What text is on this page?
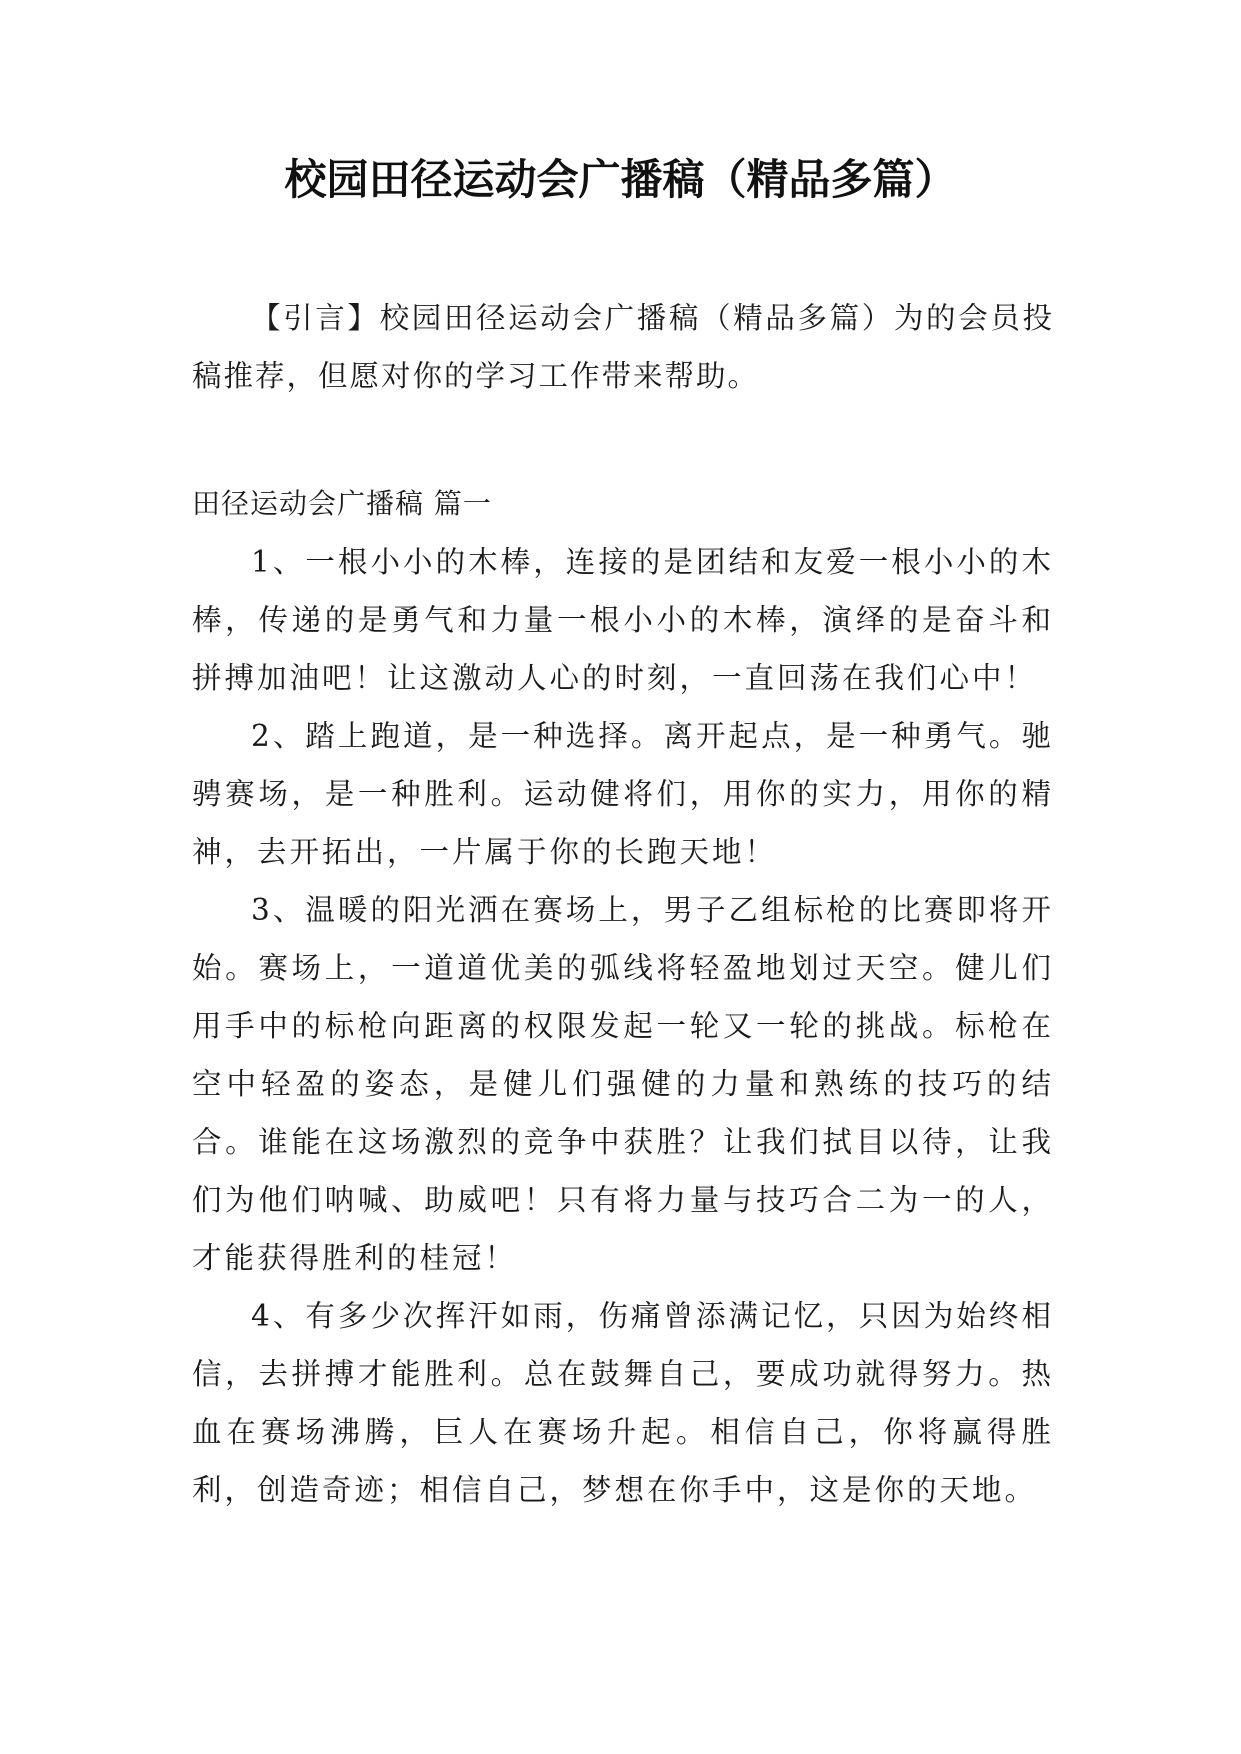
校园田径运动会广播稿（精品多篇）

【引言】校园田径运动会广播稿（精品多篇）为的会员投稿推荐，但愿对你的学习工作带来帮助。

田径运动会广播稿 篇一

1、一根小小的木棒，连接的是团结和友爱一根小小的木棒，传递的是勇气和力量一根小小的木棒，演绎的是奋斗和拼搏加油吧！让这激动人心的时刻，一直回荡在我们心中！

2、踏上跑道，是一种选择。离开起点，是一种勇气。驰骋赛场，是一种胜利。运动健将们，用你的实力，用你的精神，去开拓出，一片属于你的长跑天地！

3、温暖的阳光洒在赛场上，男子乙组标枪的比赛即将开始。赛场上，一道道优美的弧线将轻盈地划过天空。健儿们用手中的标枪向距离的权限发起一轮又一轮的挑战。标枪在空中轻盈的姿态，是健儿们强健的力量和熟练的技巧的结合。谁能在这场激烈的竞争中获胜？让我们拭目以待，让我们为他们呐喊、助威吧！只有将力量与技巧合二为一的人，才能获得胜利的桂冠！

4、有多少次挥汗如雨，伤痛曾添满记忆，只因为始终相信，去拼搏才能胜利。总在鼓舞自己，要成功就得努力。热血在赛场沸腾，巨人在赛场升起。相信自己，你将赢得胜利，创造奇迹；相信自己，梦想在你手中，这是你的天地。
